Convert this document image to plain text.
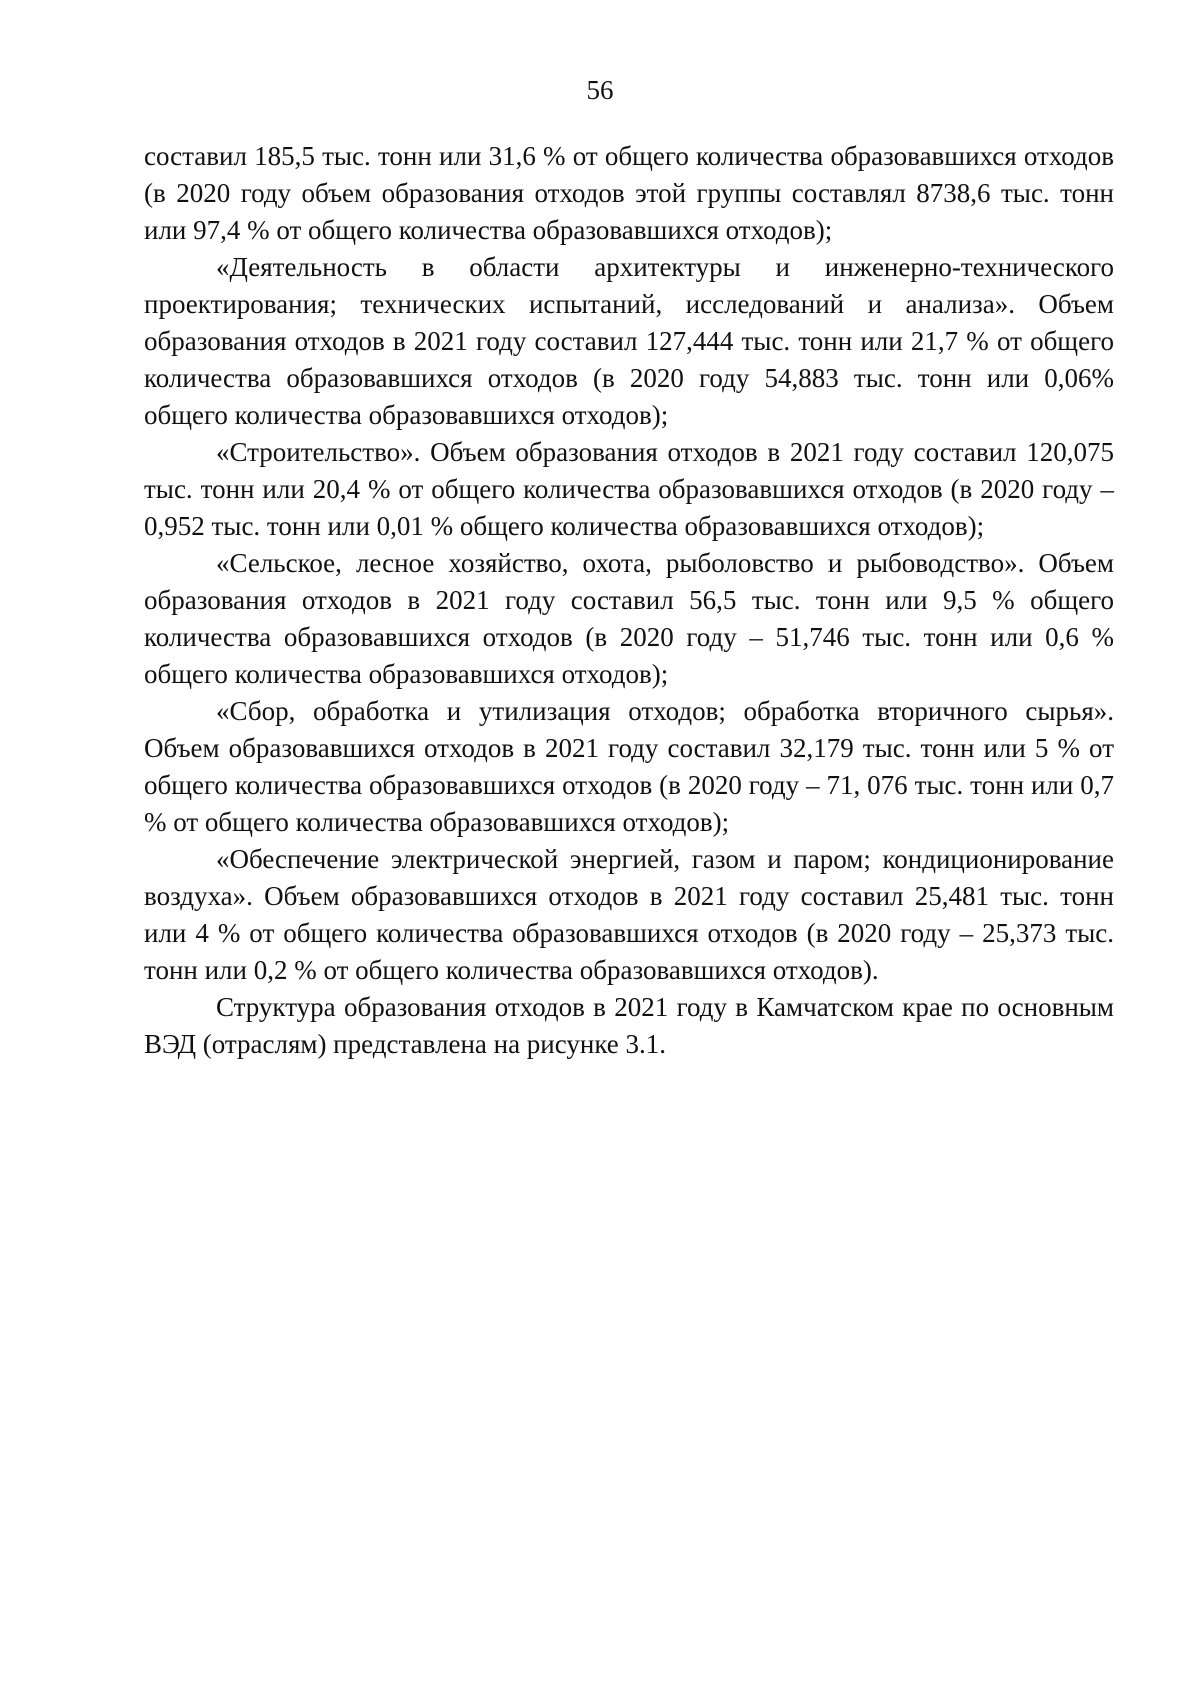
56

составил 185,5 тыс. тонн или 31,6 % от общего количества образовавшихся отходов (в 2020 году объем образования отходов этой группы составлял 8738,6 тыс. тонн или 97,4 % от общего количества образовавшихся отходов);

«Деятельность в области архитектуры и инженерно-технического проектирования; технических испытаний, исследований и анализа». Объем образования отходов в 2021 году составил 127,444 тыс. тонн или 21,7 % от общего количества образовавшихся отходов (в 2020 году 54,883 тыс. тонн или 0,06% общего количества образовавшихся отходов);

«Строительство». Объем образования отходов в 2021 году составил 120,075 тыс. тонн или 20,4 % от общего количества образовавшихся отходов (в 2020 году – 0,952 тыс. тонн или 0,01 % общего количества образовавшихся отходов);

«Сельское, лесное хозяйство, охота, рыболовство и рыбоводство». Объем образования отходов в 2021 году составил 56,5 тыс. тонн или 9,5 % общего количества образовавшихся отходов (в 2020 году – 51,746 тыс. тонн или 0,6 % общего количества образовавшихся отходов);

«Сбор, обработка и утилизация отходов; обработка вторичного сырья». Объем образовавшихся отходов в 2021 году составил 32,179 тыс. тонн или 5 % от общего количества образовавшихся отходов (в 2020 году – 71, 076 тыс. тонн или 0,7 % от общего количества образовавшихся отходов);

«Обеспечение электрической энергией, газом и паром; кондиционирование воздуха». Объем образовавшихся отходов в 2021 году составил 25,481 тыс. тонн или 4 % от общего количества образовавшихся отходов (в 2020 году – 25,373 тыс. тонн или 0,2 % от общего количества образовавшихся отходов).

Структура образования отходов в 2021 году в Камчатском крае по основным ВЭД (отраслям) представлена на рисунке 3.1.
